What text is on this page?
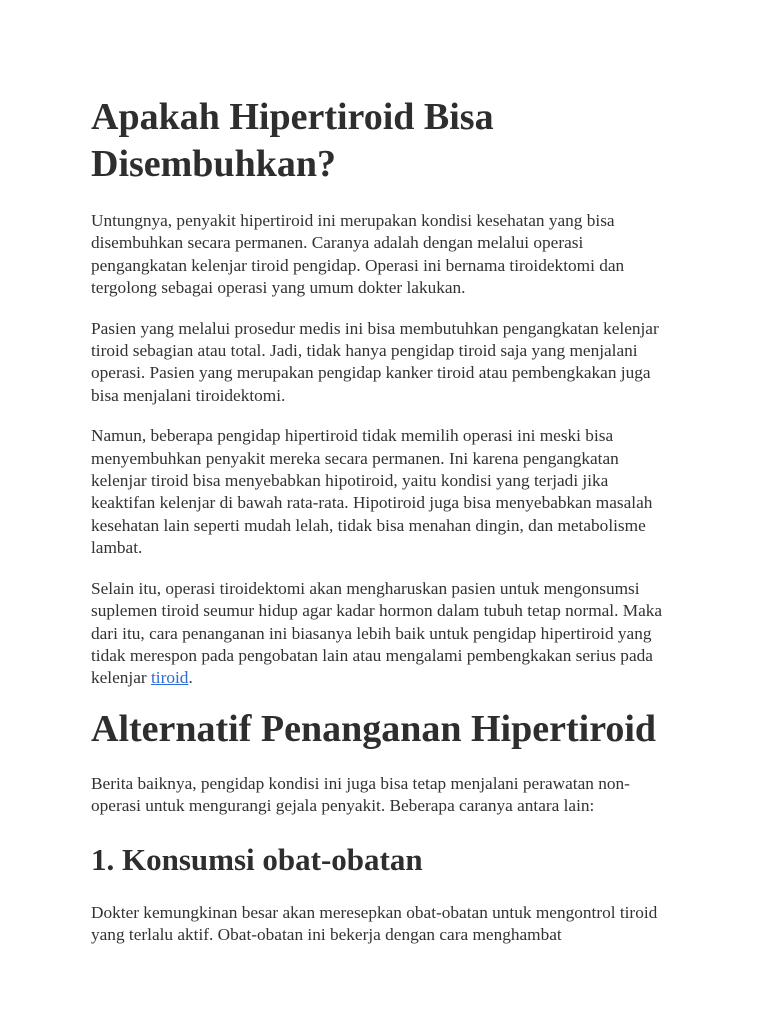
Apakah Hipertiroid Bisa Disembuhkan?

Untungnya, penyakit hipertiroid ini merupakan kondisi kesehatan yang bisa disembuhkan secara permanen. Caranya adalah dengan melalui operasi pengangkatan kelenjar tiroid pengidap. Operasi ini bernama tiroidektomi dan tergolong sebagai operasi yang umum dokter lakukan.

Pasien yang melalui prosedur medis ini bisa membutuhkan pengangkatan kelenjar tiroid sebagian atau total. Jadi, tidak hanya pengidap tiroid saja yang menjalani operasi. Pasien yang merupakan pengidap kanker tiroid atau pembengkakan juga bisa menjalani tiroidektomi.

Namun, beberapa pengidap hipertiroid tidak memilih operasi ini meski bisa menyembuhkan penyakit mereka secara permanen. Ini karena pengangkatan kelenjar tiroid bisa menyebabkan hipotiroid, yaitu kondisi yang terjadi jika keaktifan kelenjar di bawah rata-rata. Hipotiroid juga bisa menyebabkan masalah kesehatan lain seperti mudah lelah, tidak bisa menahan dingin, dan metabolisme lambat.

Selain itu, operasi tiroidektomi akan mengharuskan pasien untuk mengonsumsi suplemen tiroid seumur hidup agar kadar hormon dalam tubuh tetap normal. Maka dari itu, cara penanganan ini biasanya lebih baik untuk pengidap hipertiroid yang tidak merespon pada pengobatan lain atau mengalami pembengkakan serius pada kelenjar tiroid.

Alternatif Penanganan Hipertiroid

Berita baiknya, pengidap kondisi ini juga bisa tetap menjalani perawatan non-operasi untuk mengurangi gejala penyakit. Beberapa caranya antara lain:

1. Konsumsi obat-obatan

Dokter kemungkinan besar akan meresepkan obat-obatan untuk mengontrol tiroid yang terlalu aktif. Obat-obatan ini bekerja dengan cara menghambat
